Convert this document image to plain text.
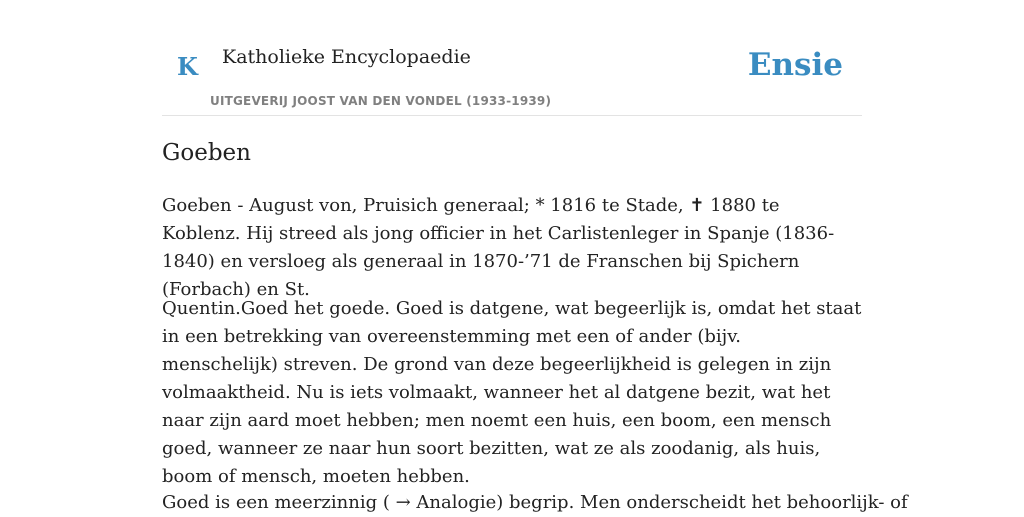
K Katholieke Encyclopaedie
UITGEVERIJ JOOST VAN DEN VONDEL (1933-1939)
Ensie
Goeben

Goeben - August von, Pruisich generaal; * 1816 te Stade, ✝ 1880 te Koblenz. Hij streed als jong officier in het Carlistenleger in Spanje (1836-1840) en versloeg als generaal in 1870-’71 de Franschen bij Spichern (Forbach) en St.

Quentin.Goed het goede. Goed is datgene, wat begeerlijk is, omdat het staat in een betrekking van overeenstemming met een of ander (bijv. menschelijk) streven. De grond van deze begeerlijkheid is gelegen in zijn volmaaktheid. Nu is iets volmaakt, wanneer het al datgene bezit, wat het naar zijn aard moet hebben; men noemt een huis, een boom, een mensch goed, wanneer ze naar hun soort bezitten, wat ze als zoodanig, als huis, boom of mensch, moeten hebben.

Goed is een meerzinnig ( → Analogie) begrip. Men onderscheidt het behoorlijk- of
